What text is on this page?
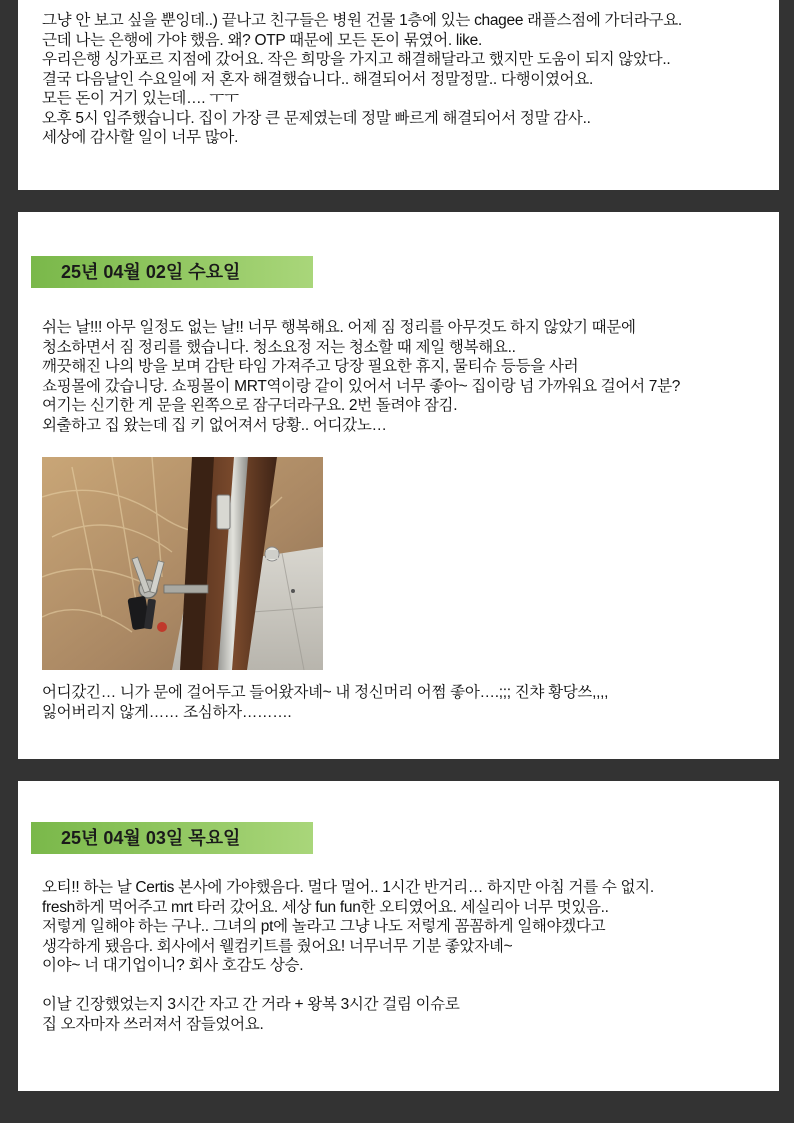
그냥 안 보고 싶을 뿐잉데..) 끝나고 친구들은 병원 건물 1층에 있는 chagee 래플스점에 가더라구요.
근데 나는 은행에 가야 했음. 왜? OTP 때문에 모든 돈이 묶였어. like.
우리은행 싱가포르 지점에 갔어요. 작은 희망을 가지고 해결해달라고 했지만 도움이 되지 않았다..
결국 다음날인 수요일에 저 혼자 해결했습니다.. 해결되어서 정말정말.. 다행이였어요.
모든 돈이 거기 있는데…. ㅜㅜ
오후 5시 입주했습니다. 집이 가장 큰 문제였는데 정말 빠르게 해결되어서 정말 감사..
세상에 감사할 일이 너무 많아.
25년 04월 02일 수요일
쉬는 날!!! 아무 일정도 없는 날!! 너무 행복해요. 어제 짐 정리를 아무것도 하지 않았기 때문에
청소하면서 짐 정리를 했습니다. 청소요정 저는 청소할 때 제일 행복해요..
깨끗해진 나의 방을 보며 감탄 타임 가져주고 당장 필요한 휴지, 물티슈 등등을 사러
쇼핑몰에 갔습니당. 쇼핑몰이 MRT역이랑 같이 있어서 너무 좋아~ 집이랑 넘 가까워요 걸어서 7분?
여기는 신기한 게 문을 왼쪽으로 잠구더라구요. 2번 돌려야 잠김.
외출하고 집 왔는데 집 키 없어져서 당황.. 어디갔노…
어디갔긴… 니가 문에 걸어두고 들어왔자녜~ 내 정신머리 어쩜 좋아….;;; 진챠 황당쓰,,,,
잃어버리지 않게…… 조심하자……….
25년 04월 03일 목요일
오티!! 하는 날 Certis 본사에 가야했음다. 멀다 멀어.. 1시간 반거리… 하지만 아침 거를 수 없지.
fresh하게 먹어주고 mrt 타러 갔어요. 세상 fun fun한 오티였어요. 세실리아 너무 멋있음..
저렇게 일해야 하는 구나.. 그녀의 pt에 놀라고 그냥 나도 저렇게 꼼꼼하게 일해야겠다고
생각하게 됐음다. 회사에서 웰컴키트를 줬어요! 너무너무 기분 좋았자녜~
이야~ 너 대기업이니? 회사 호감도 상승.
이날 긴장했었는지 3시간 자고 간 거라 + 왕복 3시간 걸림 이슈로
집 오자마자 쓰러져서 잠들었어요.
